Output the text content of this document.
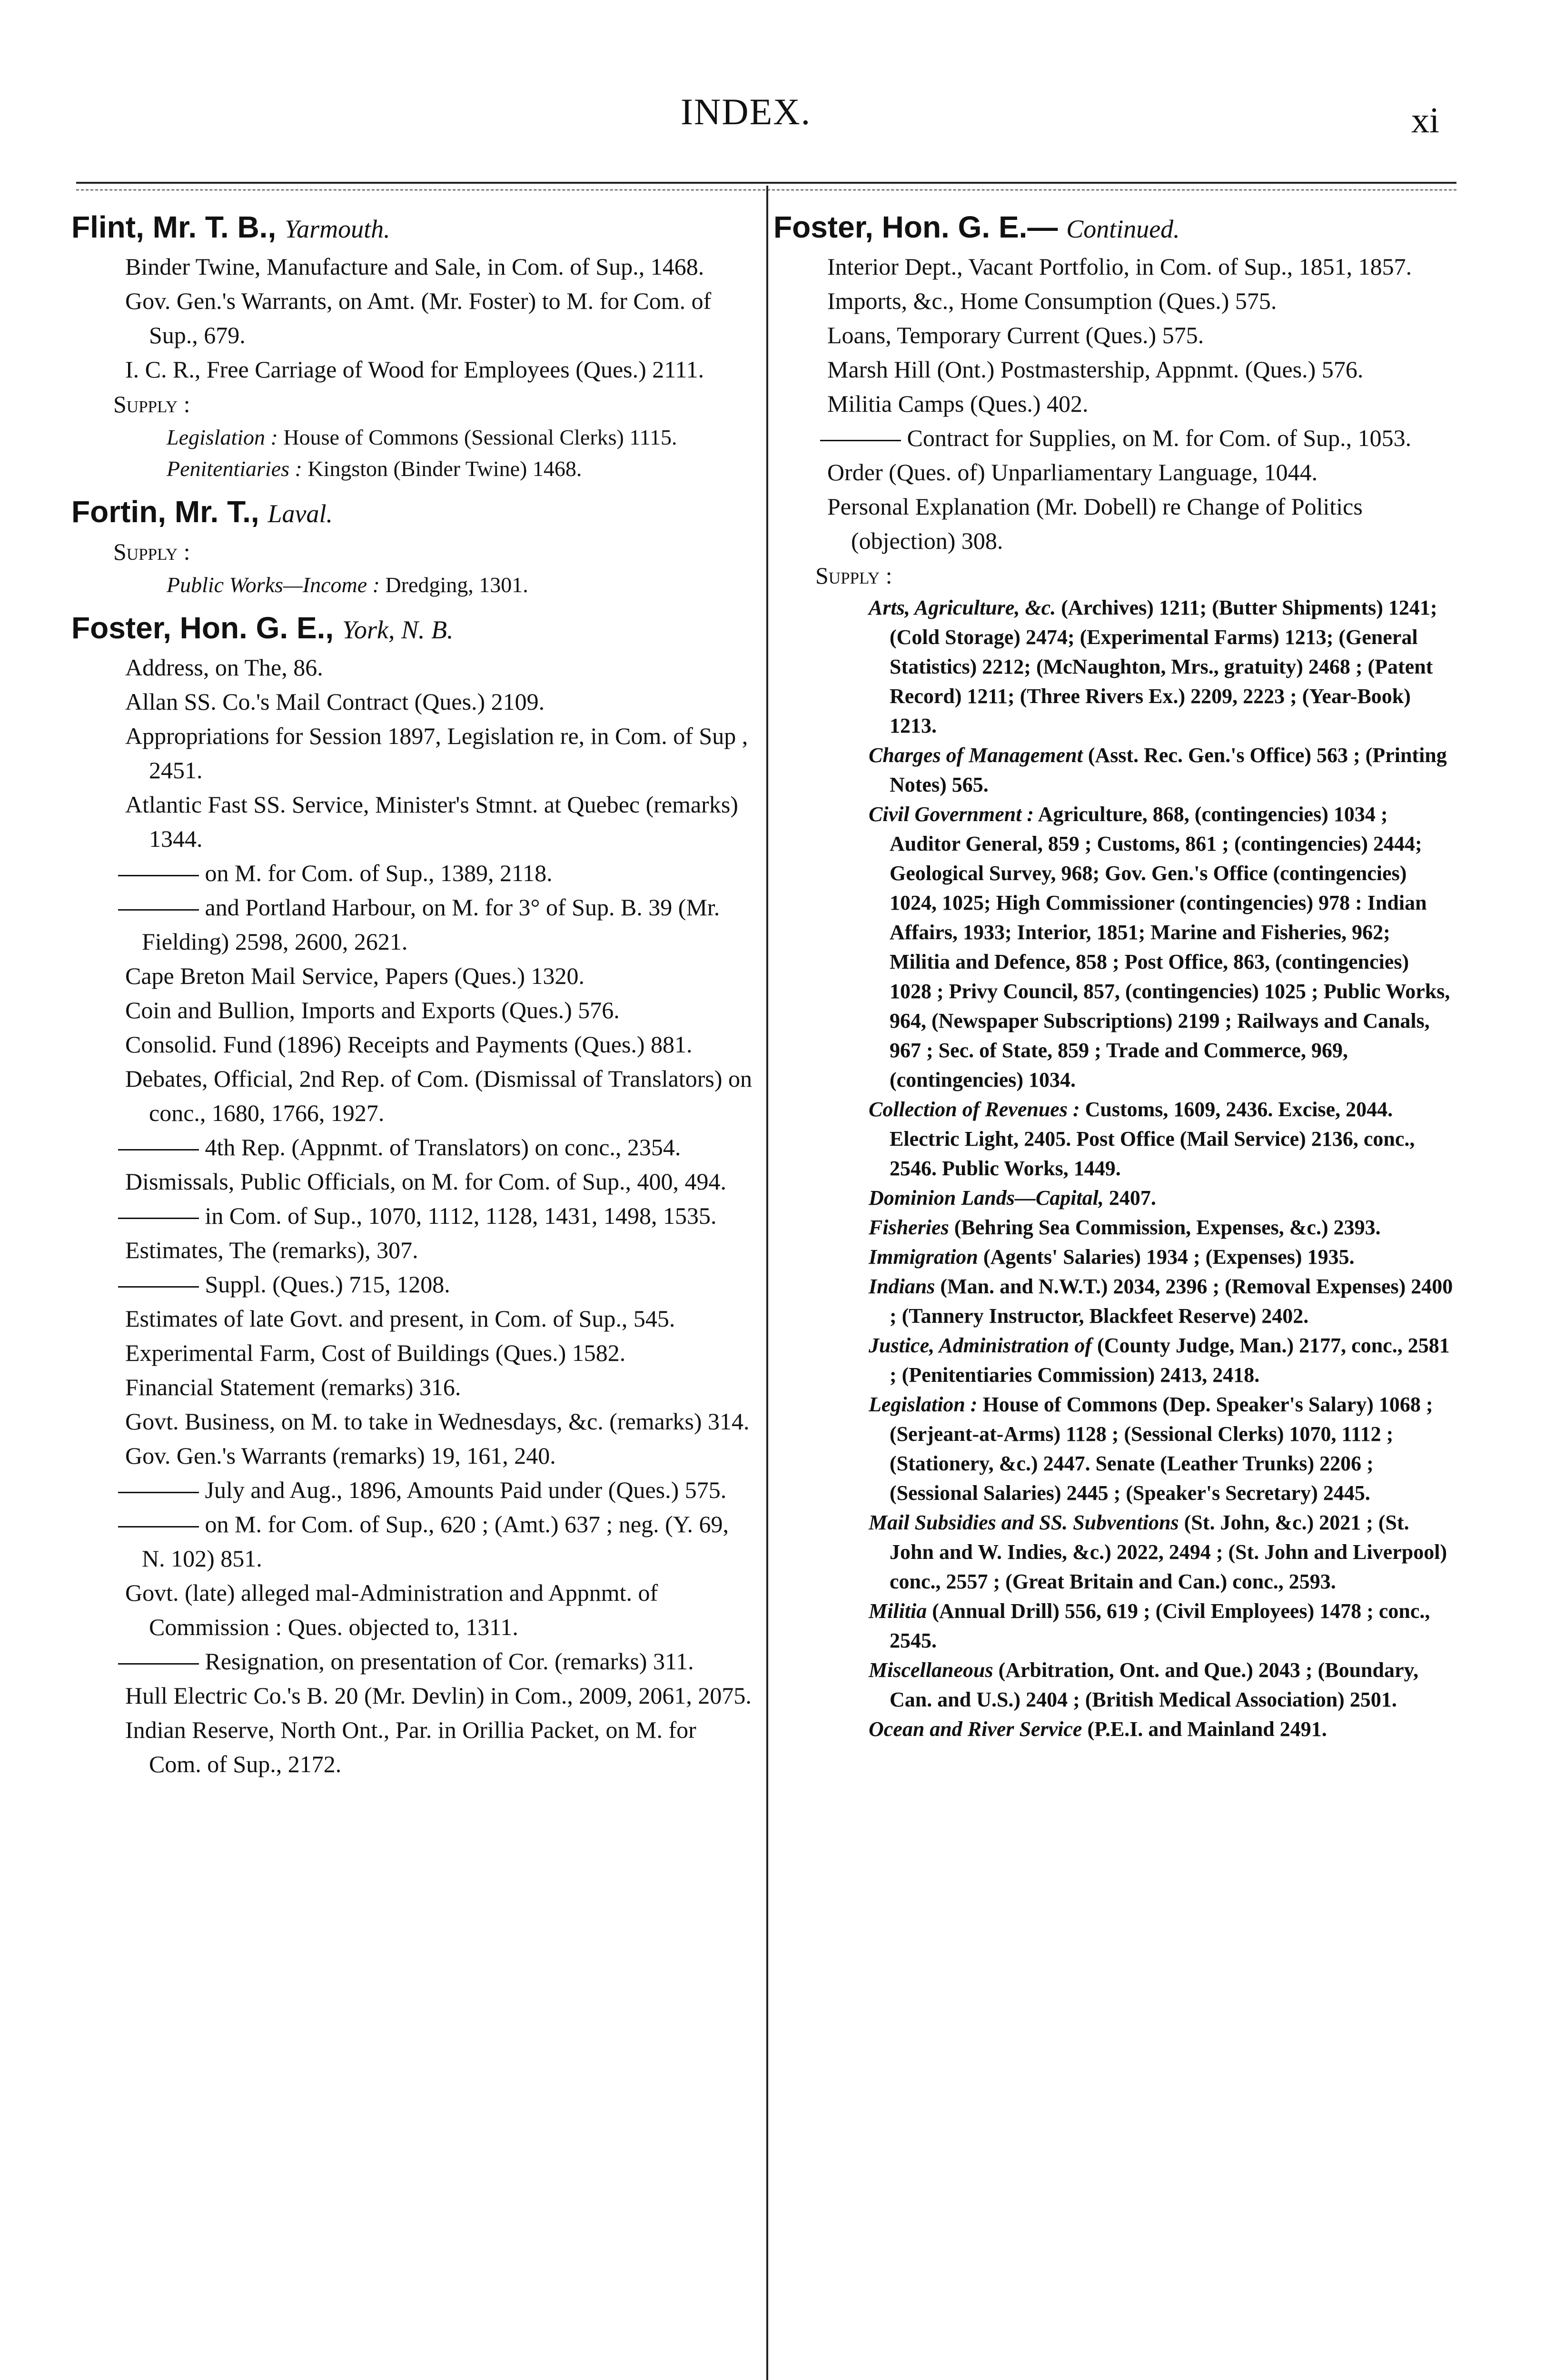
INDEX.	xi
Flint, Mr. T. B., Yarmouth.
Binder Twine, Manufacture and Sale, in Com. of Sup., 1468.
Gov. Gen.'s Warrants, on Amt. (Mr. Foster) to M. for Com. of Sup., 679.
I. C. R., Free Carriage of Wood for Employees (Ques.) 2111.
Supply :
Legislation : House of Commons (Sessional Clerks) 1115.
Penitentiaries : Kingston (Binder Twine) 1468.
Fortin, Mr. T., Laval.
Supply :
Public Works—Income : Dredging, 1301.
Foster, Hon. G. E., York, N. B.
Address, on The, 86.
Allan SS. Co.'s Mail Contract (Ques.) 2109.
Appropriations for Session 1897, Legislation re, in Com. of Sup , 2451.
Atlantic Fast SS. Service, Minister's Stmnt. at Quebec (remarks) 1344.
on M. for Com. of Sup., 1389, 2118.
and Portland Harbour, on M. for 3° of Sup. B. 39 (Mr. Fielding) 2598, 2600, 2621.
Cape Breton Mail Service, Papers (Ques.) 1320.
Coin and Bullion, Imports and Exports (Ques.) 576.
Consolid. Fund (1896) Receipts and Payments (Ques.) 881.
Debates, Official, 2nd Rep. of Com. (Dismissal of Translators) on conc., 1680, 1766, 1927.
4th Rep. (Appnmt. of Translators) on conc., 2354.
Dismissals, Public Officials, on M. for Com. of Sup., 400, 494.
in Com. of Sup., 1070, 1112, 1128, 1431, 1498, 1535.
Estimates, The (remarks), 307.
Suppl. (Ques.) 715, 1208.
Estimates of late Govt. and present, in Com. of Sup., 545.
Experimental Farm, Cost of Buildings (Ques.) 1582.
Financial Statement (remarks) 316.
Govt. Business, on M. to take in Wednesdays, &c. (remarks) 314.
Gov. Gen.'s Warrants (remarks) 19, 161, 240.
July and Aug., 1896, Amounts Paid under (Ques.) 575.
on M. for Com. of Sup., 620 ; (Amt.) 637 ; neg. (Y. 69, N. 102) 851.
Govt. (late) alleged mal-Administration and Appnmt. of Commission : Ques. objected to, 1311.
Resignation, on presentation of Cor. (remarks) 311.
Hull Electric Co.'s B. 20 (Mr. Devlin) in Com., 2009, 2061, 2075.
Indian Reserve, North Ont., Par. in Orillia Packet, on M. for Com. of Sup., 2172.
Foster, Hon. G. E.— Continued.
Interior Dept., Vacant Portfolio, in Com. of Sup., 1851, 1857.
Imports, &c., Home Consumption (Ques.) 575.
Loans, Temporary Current (Ques.) 575.
Marsh Hill (Ont.) Postmastership, Appnmt. (Ques.) 576.
Militia Camps (Ques.) 402.
Contract for Supplies, on M. for Com. of Sup., 1053.
Order (Ques. of) Unparliamentary Language, 1044.
Personal Explanation (Mr. Dobell) re Change of Politics (objection) 308.
Supply :
Arts, Agriculture, &c. (Archives) 1211; (Butter Shipments) 1241; (Cold Storage) 2474; (Experimental Farms) 1213; (General Statistics) 2212; (McNaughton, Mrs., gratuity) 2468 ; (Patent Record) 1211; (Three Rivers Ex.) 2209, 2223 ; (Year-Book) 1213.
Charges of Management (Asst. Rec. Gen.'s Office) 563 ; (Printing Notes) 565.
Civil Government : Agriculture, 868, (contingencies) 1034 ; Auditor General, 859 ; Customs, 861 ; (contingencies) 2444; Geological Survey, 968; Gov. Gen.'s Office (contingencies) 1024, 1025; High Commissioner (contingencies) 978 : Indian Affairs, 1933; Interior, 1851; Marine and Fisheries, 962; Militia and Defence, 858 ; Post Office, 863, (contingencies) 1028 ; Privy Council, 857, (contingencies) 1025 ; Public Works, 964, (Newspaper Subscriptions) 2199 ; Railways and Canals, 967 ; Sec. of State, 859 ; Trade and Commerce, 969, (contingencies) 1034.
Collection of Revenues : Customs, 1609, 2436. Excise, 2044. Electric Light, 2405. Post Office (Mail Service) 2136, conc., 2546. Public Works, 1449.
Dominion Lands—Capital, 2407.
Fisheries (Behring Sea Commission, Expenses, &c.) 2393.
Immigration (Agents' Salaries) 1934 ; (Expenses) 1935.
Indians (Man. and N.W.T.) 2034, 2396 ; (Removal Expenses) 2400 ; (Tannery Instructor, Blackfeet Reserve) 2402.
Justice, Administration of (County Judge, Man.) 2177, conc., 2581 ; (Penitentiaries Commission) 2413, 2418.
Legislation : House of Commons (Dep. Speaker's Salary) 1068 ; (Serjeant-at-Arms) 1128 ; (Sessional Clerks) 1070, 1112 ; (Stationery, &c.) 2447. Senate (Leather Trunks) 2206 ; (Sessional Salaries) 2445 ; (Speaker's Secretary) 2445.
Mail Subsidies and SS. Subventions (St. John, &c.) 2021 ; (St. John and W. Indies, &c.) 2022, 2494 ; (St. John and Liverpool) conc., 2557 ; (Great Britain and Can.) conc., 2593.
Militia (Annual Drill) 556, 619 ; (Civil Employees) 1478 ; conc., 2545.
Miscellaneous (Arbitration, Ont. and Que.) 2043 ; (Boundary, Can. and U.S.) 2404 ; (British Medical Association) 2501.
Ocean and River Service (P.E.I. and Mainland 2491.
